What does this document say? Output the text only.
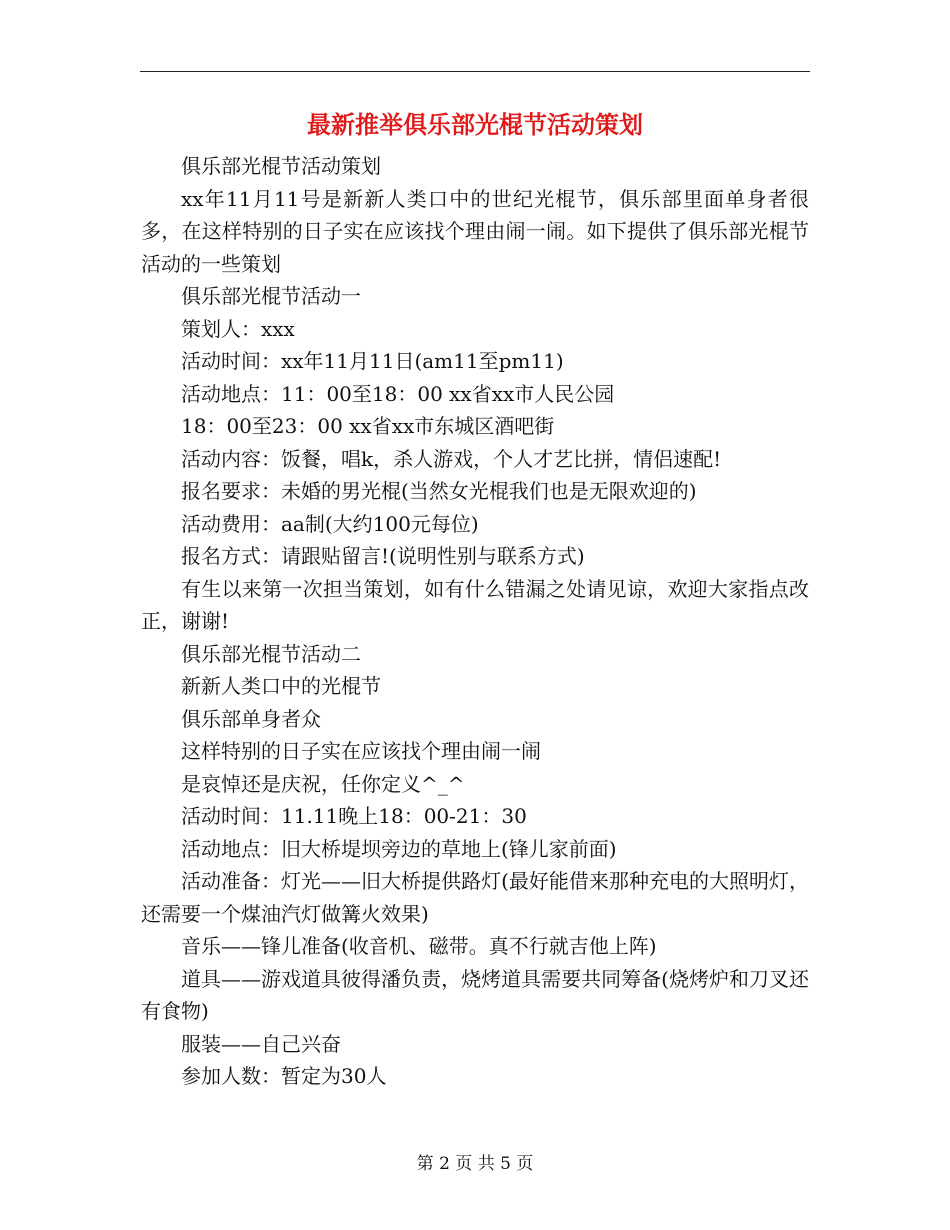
最新推举俱乐部光棍节活动策划

俱乐部光棍节活动策划

xx年11月11号是新新人类口中的世纪光棍节，俱乐部里面单身者很多，在这样特别的日子实在应该找个理由闹一闹。如下提供了俱乐部光棍节活动的一些策划

俱乐部光棍节活动一

策划人：xxx

活动时间：xx年11月11日(am11至pm11)

活动地点：11：00至18：00 xx省xx市人民公园

18：00至23：00 xx省xx市东城区酒吧街

活动内容：饭餐，唱k，杀人游戏，个人才艺比拼，情侣速配!

报名要求：未婚的男光棍(当然女光棍我们也是无限欢迎的)

活动费用：aa制(大约100元每位)

报名方式：请跟贴留言!(说明性别与联系方式)

有生以来第一次担当策划，如有什么错漏之处请见谅，欢迎大家指点改正，谢谢!

俱乐部光棍节活动二

新新人类口中的光棍节

俱乐部单身者众

这样特别的日子实在应该找个理由闹一闹

是哀悼还是庆祝，任你定义^_^

活动时间：11.11晚上18：00-21：30

活动地点：旧大桥堤坝旁边的草地上(锋儿家前面)

活动准备：灯光——旧大桥提供路灯(最好能借来那种充电的大照明灯，还需要一个煤油汽灯做篝火效果)

音乐——锋儿准备(收音机、磁带。真不行就吉他上阵)

道具——游戏道具彼得潘负责，烧烤道具需要共同筹备(烧烤炉和刀叉还有食物)

服装——自己兴奋

参加人数：暂定为30人

第 2 页 共 5 页
